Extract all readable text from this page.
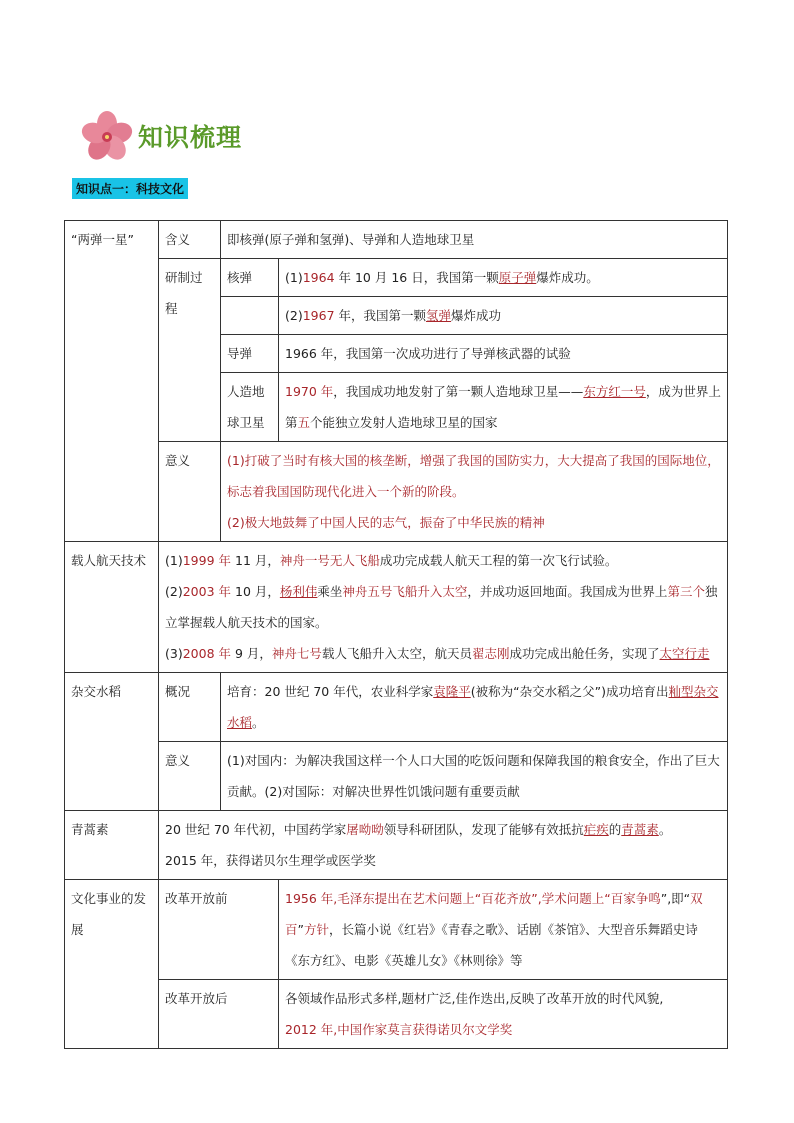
知识梳理
知识点一：科技文化
“两弹一星”	含义	即核弹(原子弹和氢弹)、导弹和人造地球卫星	
	研制过程	核弹	(1)1964 年 10 月 16 日，我国第一颗原子弹爆炸成功。

			(2)1967 年，我国第一颗氢弹爆炸成功
		导弹	1966 年，我国第一次成功进行了导弹核武器的试验
		人造地球卫星	1970 年，我国成功地发射了第一颗人造地球卫星——东方红一号，成为世界上第五个能独立发射人造地球卫星的国家
	意义	(1)打破了当时有核大国的核垄断，增强了我国的国防实力，大大提高了我国的国际地位，标志着我国国防现代化进入一个新的阶段。
(2)极大地鼓舞了中国人民的志气，振奋了中华民族的精神	

载人航天技术	(1)1999 年 11 月，神舟一号无人飞船成功完成载人航天工程的第一次飞行试验。
(2)2003 年 10 月，杨利伟乘坐神舟五号飞船升入太空，并成功返回地面。我国成为世界上第三个独立掌握载人航天技术的国家。
(3)2008 年 9 月，神舟七号载人飞船升入太空，航天员翟志刚成功完成出舱任务，实现了太空行走		

杂交水稻	概况	培育：20 世纪 70 年代，农业科学家袁隆平(被称为“杂交水稻之父”)成功培育出籼型杂交水稻。	
	意义	(1)对国内：为解决我国这样一个人口大国的吃饭问题和保障我国的粮食安全，作出了巨大贡献。(2)对国际：对解决世界性饥饿问题有重要贡献	
青蒿素	20 世纪 70 年代初，中国药学家屠呦呦领导科研团队，发现了能够有效抵抗疟疾的青蒿素。
2015 年，获得诺贝尔生理学或医学奖		

文化事业的发展	改革开放前		1956 年,毛泽东提出在艺术问题上“百花齐放”,学术问题上“百家争鸣”,即“双百”方针，长篇小说《红岩》《青春之歌》、话剧《茶馆》、大型音乐舞蹈史诗《东方红》、电影《英雄儿女》《林则徐》等
	改革开放后		各领域作品形式多样,题材广泛,佳作迭出,反映了改革开放的时代风貌,
2012 年,中国作家莫言获得诺贝尔文学奖
